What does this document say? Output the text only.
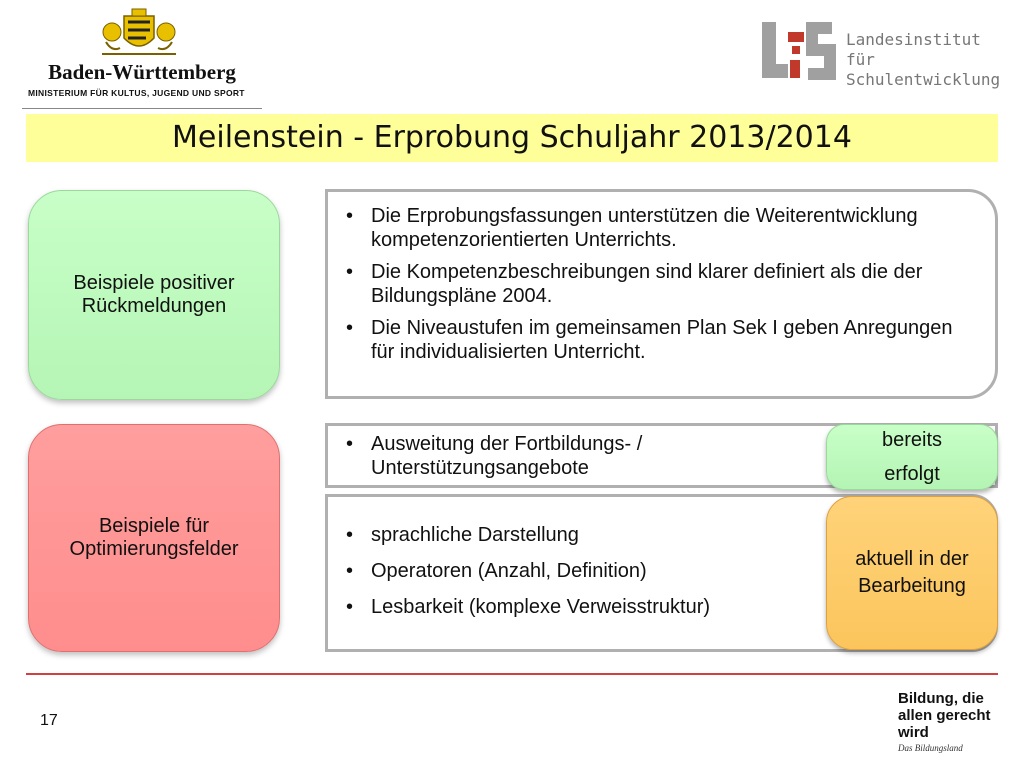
Baden-Württemberg
MINISTERIUM FÜR KULTUS, JUGEND UND SPORT
Landesinstitut
für Schulentwicklung
Meilenstein - Erprobung Schuljahr 2013/2014
Beispiele positiver Rückmeldungen
Beispiele für Optimierungsfelder
• Die Erprobungsfassungen unterstützen die Weiterentwicklung kompetenzorientierten Unterrichts.
• Die Kompetenzbeschreibungen sind klarer definiert als die der Bildungspläne 2004.
• Die Niveaustufen im gemeinsamen Plan Sek I geben Anregungen für individualisierten Unterricht.
• Ausweitung der Fortbildungs- / Unterstützungsangebote
• sprachliche Darstellung
• Operatoren (Anzahl, Definition)
• Lesbarkeit (komplexe Verweisstruktur)
bereits
erfolgt
aktuell in der Bearbeitung
17
Bildung, die allen gerecht wird
Das Bildungsland
